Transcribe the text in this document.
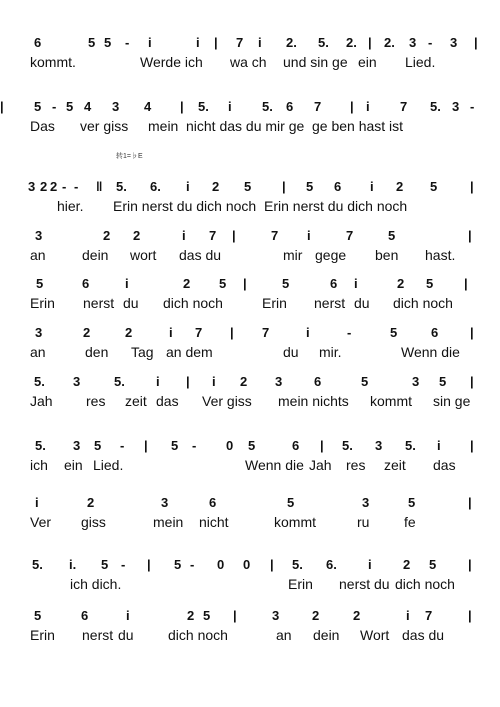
转1=♭E
6	5 5 - i	i | 7 i 2. 5. 2. | 2. 3 - 3 |
kommt.	Werde ich wa ch und sin ge ein Lied.
5 - 5 4 3 4 | 5. i 5. 6 7 | i 7 5. 3 -
|
Das ver giss mein nicht das du mir ge ge ben hast ist
3 2 2 - - ‖ 5. 6. i 2 5 | 5 6 i 2 5	|
hier. Erin nerst du dich noch Erin nerst du dich noch
3	2 2	i 7 |	7 i	7	5	|
an	dein wort das du	mir gege ben hast.
5	6	i	2 5 |	5	6 i	2 5 |
Erin nerst du dich noch	Erin nerst du dich noch
3	2	2	i 7 | 7	i	-	5	6 |
an	den Tag an dem	du mir.	Wenn die
5. 3	5. i | i 2 3 6	5	3 5 |
Jah res zeit das Ver giss mein nichts kommt sin ge
5. 3 5 - | 5 - 0 5	6 | 5. 3 5. i |
ich ein Lied.	Wenn die Jah res zeit das
i	2	3	6	5	3	5	|
Ver giss	mein nicht	kommt	ru fe
5. i. 5 - | 5 - 0 0 | 5. 6. i 2 5 |
ich dich.	Erin nerst du dich noch
5	6	i	2 5 |	3	2	2	i 7	|
Erin nerst du dich noch	an dein Wort das du
